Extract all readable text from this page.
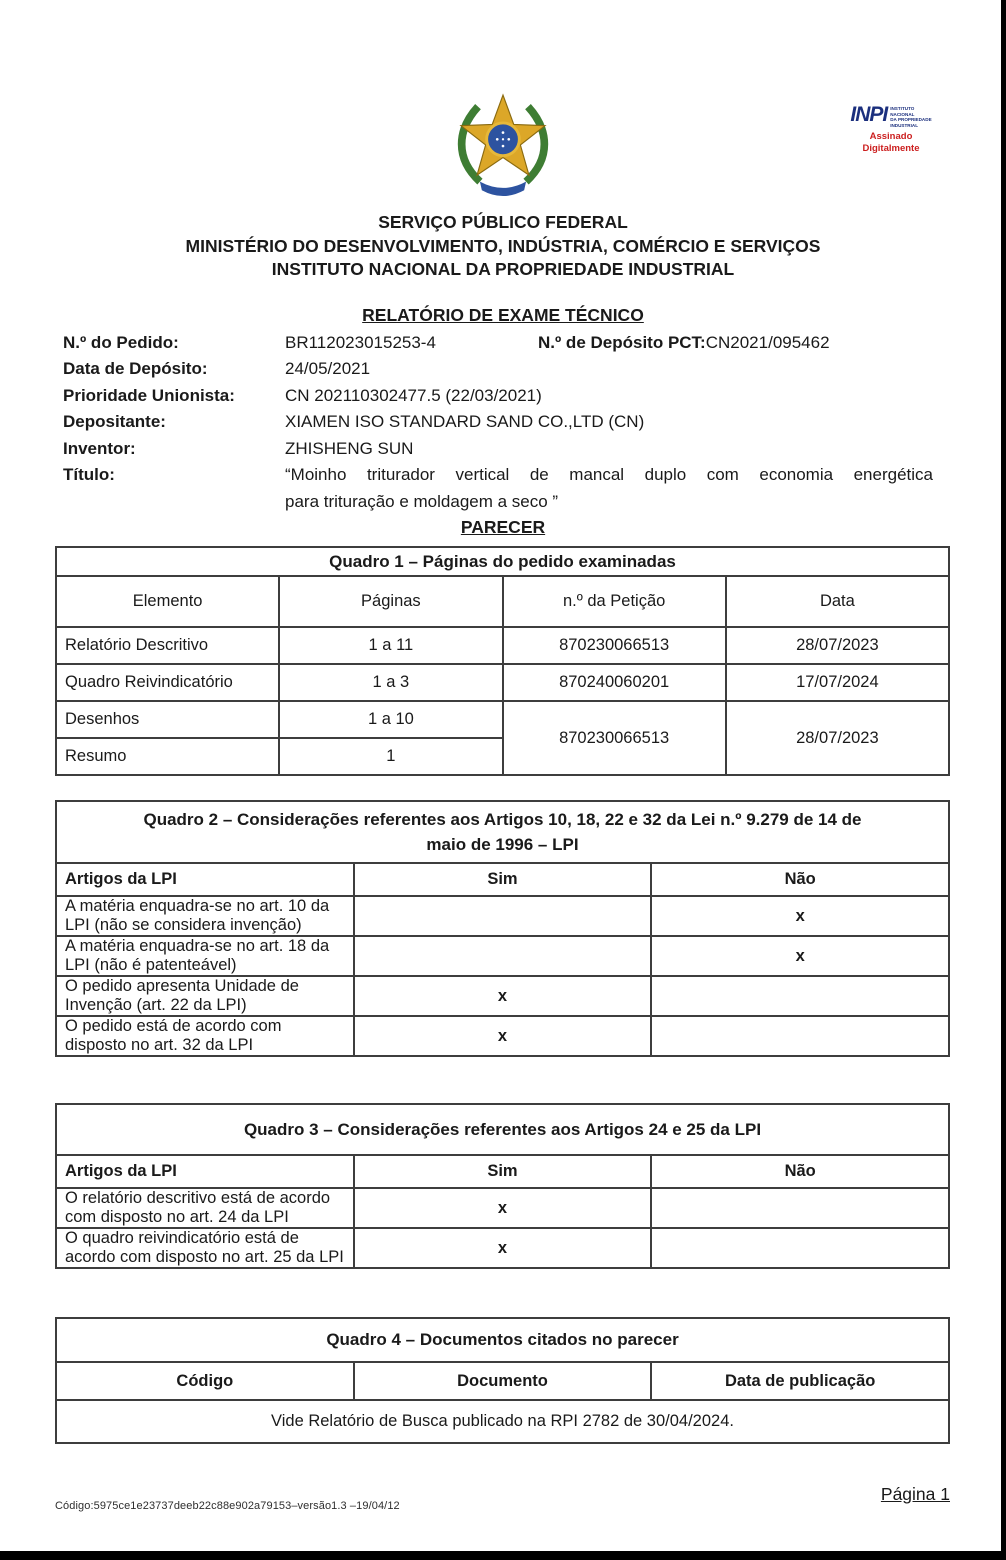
INPI INSTITUTO
NACIONAL
DA PROPRIEDADE
INDUSTRIAL
Assinado
Digitalmente
SERVIÇO PÚBLICO FEDERAL
MINISTÉRIO DO DESENVOLVIMENTO, INDÚSTRIA, COMÉRCIO E SERVIÇOS
INSTITUTO NACIONAL DA PROPRIEDADE INDUSTRIAL
RELATÓRIO DE EXAME TÉCNICO
N.º do Pedido:	BR112023015253-4	N.º de Depósito PCT:CN2021/095462
Data de Depósito:	24/05/2021
Prioridade Unionista:	CN 202110302477.5 (22/03/2021)
Depositante:	XIAMEN ISO STANDARD SAND CO.,LTD (CN)
Inventor:	ZHISHENG SUN
Título:	“Moinho triturador vertical de mancal duplo com economia energética
para trituração e moldagem a seco ”
PARECER
Quadro 1 – Páginas do pedido examinadas			
Elemento	Páginas	n.º da Petição	Data
Relatório Descritivo	1 a 11	870230066513	28/07/2023
Quadro Reivindicatório	1 a 3	870240060201	17/07/2024
Desenhos	1 a 10	870230066513	28/07/2023
Resumo	1		
Quadro 2 – Considerações referentes aos Artigos 10, 18, 22 e 32 da Lei n.º 9.279 de 14 de
maio de 1996 – LPI		

Artigos da LPI	Sim	Não
A matéria enquadra-se no art. 10 da LPI (não se considera invenção)		x
A matéria enquadra-se no art. 18 da LPI (não é patenteável)		x
O pedido apresenta Unidade de Invenção (art. 22 da LPI)	x	
O pedido está de acordo com disposto no art. 32 da LPI	x	
Quadro 3 – Considerações referentes aos Artigos 24 e 25 da LPI		
Artigos da LPI	Sim	Não
O relatório descritivo está de acordo com disposto no art. 24 da LPI	x	
O quadro reivindicatório está de acordo com disposto no art. 25 da LPI	x	
Quadro 4 – Documentos citados no parecer
Código	Documento	Data de publicação
Vide Relatório de Busca publicado na RPI 2782 de 30/04/2024.
Código:5975ce1e23737deeb22c88e902a79153–versão1.3 –19/04/12
Página 1
